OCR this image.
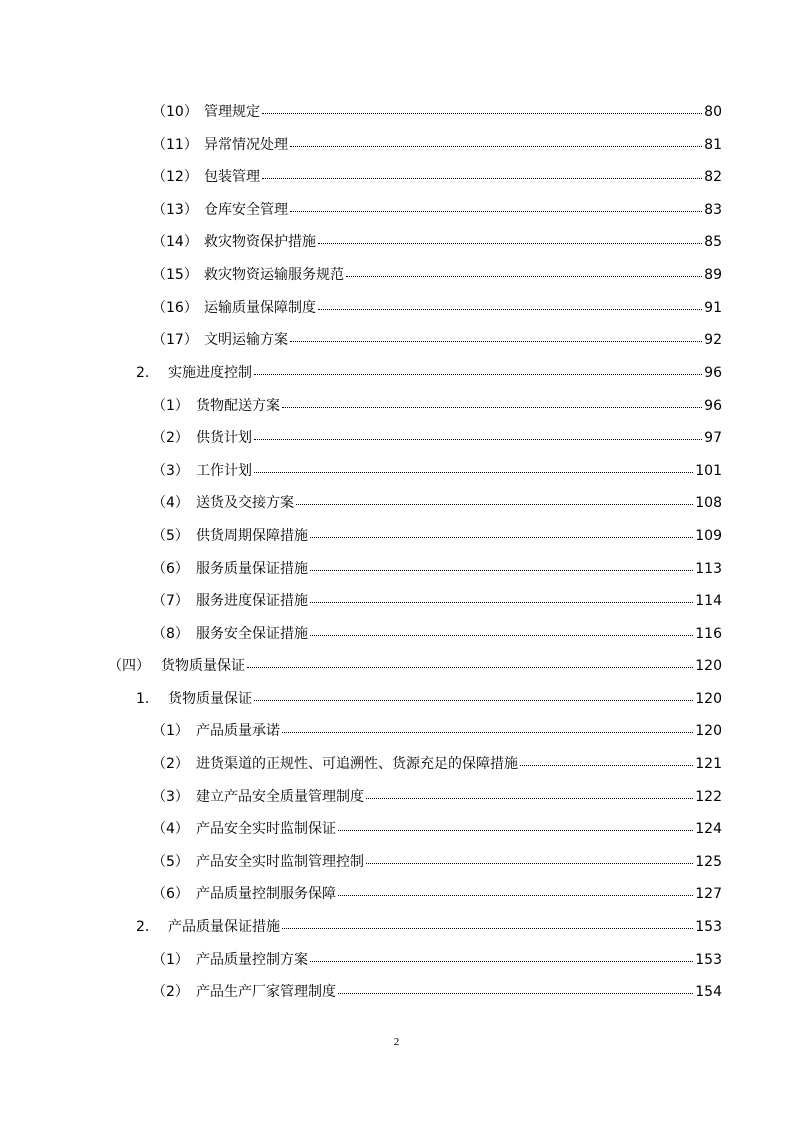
（10） 管理规定	80
（11） 异常情况处理	81
（12） 包装管理	82
（13） 仓库安全管理	83
（14） 救灾物资保护措施	85
（15） 救灾物资运输服务规范	89
（16） 运输质量保障制度	91
（17） 文明运输方案	92
2.	实施进度控制	96
（1） 货物配送方案	96
（2） 供货计划	97
（3） 工作计划	101
（4） 送货及交接方案	108
（5） 供货周期保障措施	109
（6） 服务质量保证措施	113
（7） 服务进度保证措施	114
（8） 服务安全保证措施	116
（四） 货物质量保证	120
1.	货物质量保证	120
（1） 产品质量承诺	120
（2） 进货渠道的正规性、可追溯性、货源充足的保障措施	121
（3） 建立产品安全质量管理制度	122
（4） 产品安全实时监制保证	124
（5） 产品安全实时监制管理控制	125
（6） 产品质量控制服务保障	127
2.	产品质量保证措施	153
（1） 产品质量控制方案	153
（2） 产品生产厂家管理制度	154
2
